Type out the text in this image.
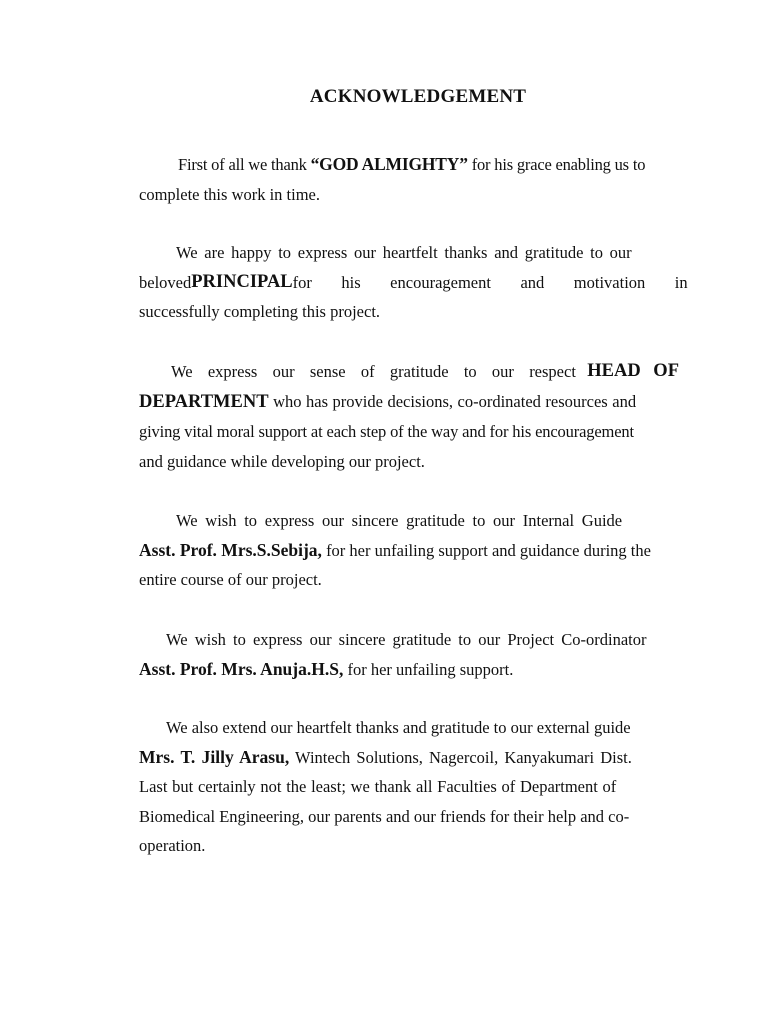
ACKNOWLEDGEMENT
First of all we thank “GOD ALMIGHTY” for his grace enabling us to
complete this work in time.
We are happy to express our heartfelt thanks and gratitude to our
beloved PRINCIPAL for his encouragement and motivation in
successfully completing this project.
We express our sense of gratitude to our respect HEAD OF
DEPARTMENT who has provide decisions, co-ordinated resources and
giving vital moral support at each step of the way and for his encouragement
and guidance while developing our project.
We wish to express our sincere gratitude to our Internal Guide
Asst. Prof. Mrs.S.Sebija, for her unfailing support and guidance during the
entire course of our project.
We wish to express our sincere gratitude to our Project Co-ordinator
Asst. Prof. Mrs. Anuja.H.S, for her unfailing support.
We also extend our heartfelt thanks and gratitude to our external guide
Mrs. T. Jilly Arasu, Wintech Solutions, Nagercoil, Kanyakumari Dist.
Last but certainly not the least; we thank all Faculties of Department of
Biomedical Engineering, our parents and our friends for their help and co-
operation.
